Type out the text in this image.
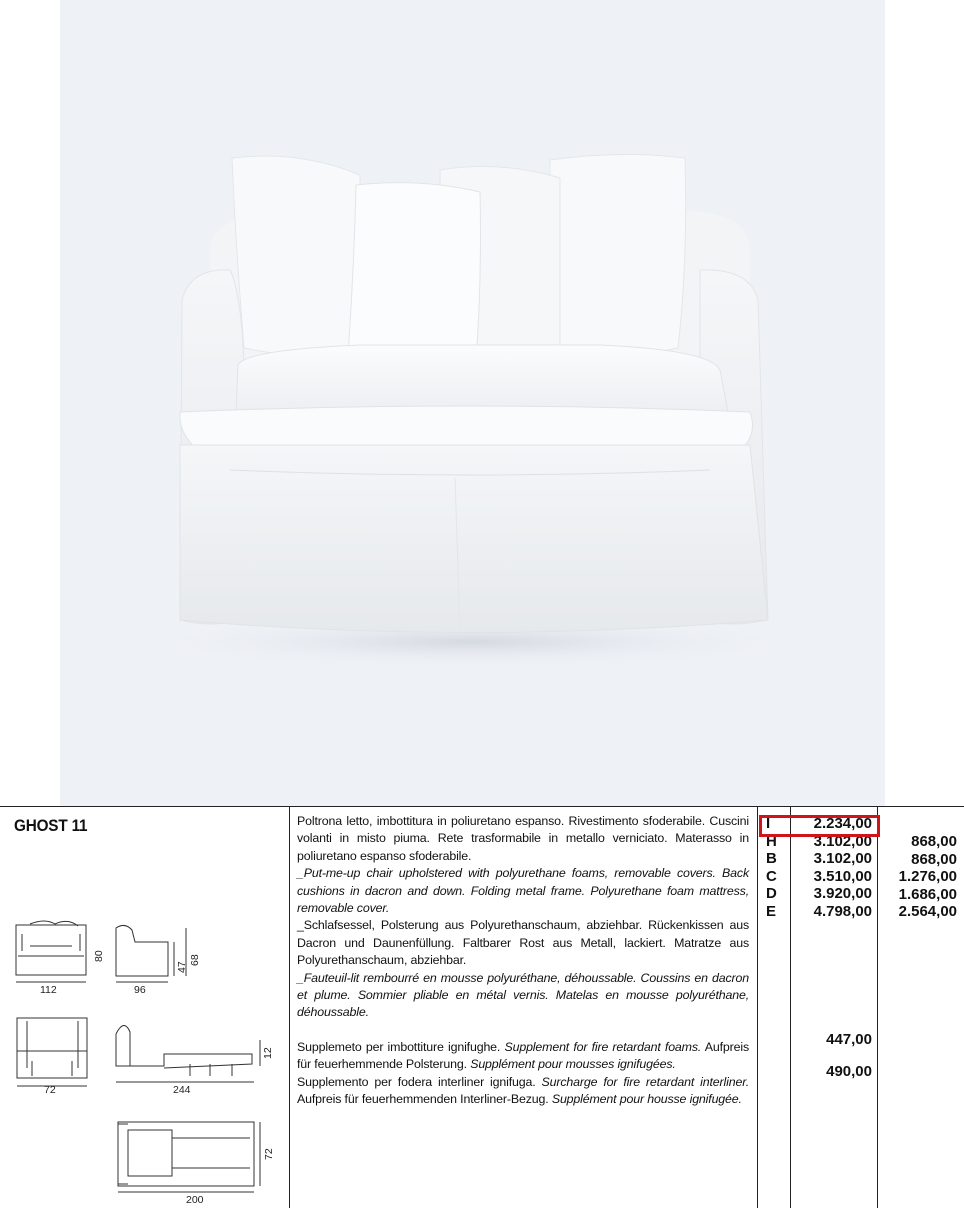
GHOST 11
112
80
96
47
68
72	244
12
200
72

Poltrona letto, imbottitura in poliuretano espanso. Rivestimento sfoderabile. Cuscini volanti in misto piuma. Rete trasformabile in metallo verniciato. Materasso in poliuretano espanso sfoderabile.

_Put-me-up chair upholstered with polyurethane foams, removable covers. Back cushions in dacron and down. Folding metal frame. Polyurethane foam mattress, removable cover.

_Schlafsessel, Polsterung aus Polyurethanschaum, abziehbar. Rückenkissen aus Dacron und Daunenfüllung. Faltbarer Rost aus Metall, lackiert. Matratze aus Polyurethanschaum, abziehbar.

_Fauteuil-lit rembourré en mousse polyuréthane, déhoussable. Coussins en dacron et plume. Sommier pliable en métal vernis. Matelas en mousse polyuréthane, déhoussable.

Supplemeto per imbottiture ignifughe. Supplement for fire retardant foams. Aufpreis für feuerhemmende Polsterung. Supplément pour mousses ignifugées.

Supplemento per fodera interliner ignifuga. Surcharge for fire retardant interliner. Aufpreis für feuerhemmenden Interliner-Bezug. Supplément pour housse ignifugée.

I
H
B
C
D
E
2.234,00
3.102,00
3.102,00
3.510,00
3.920,00
4.798,00
868,00
868,00
1.276,00
1.686,00
2.564,00
447,00
490,00
